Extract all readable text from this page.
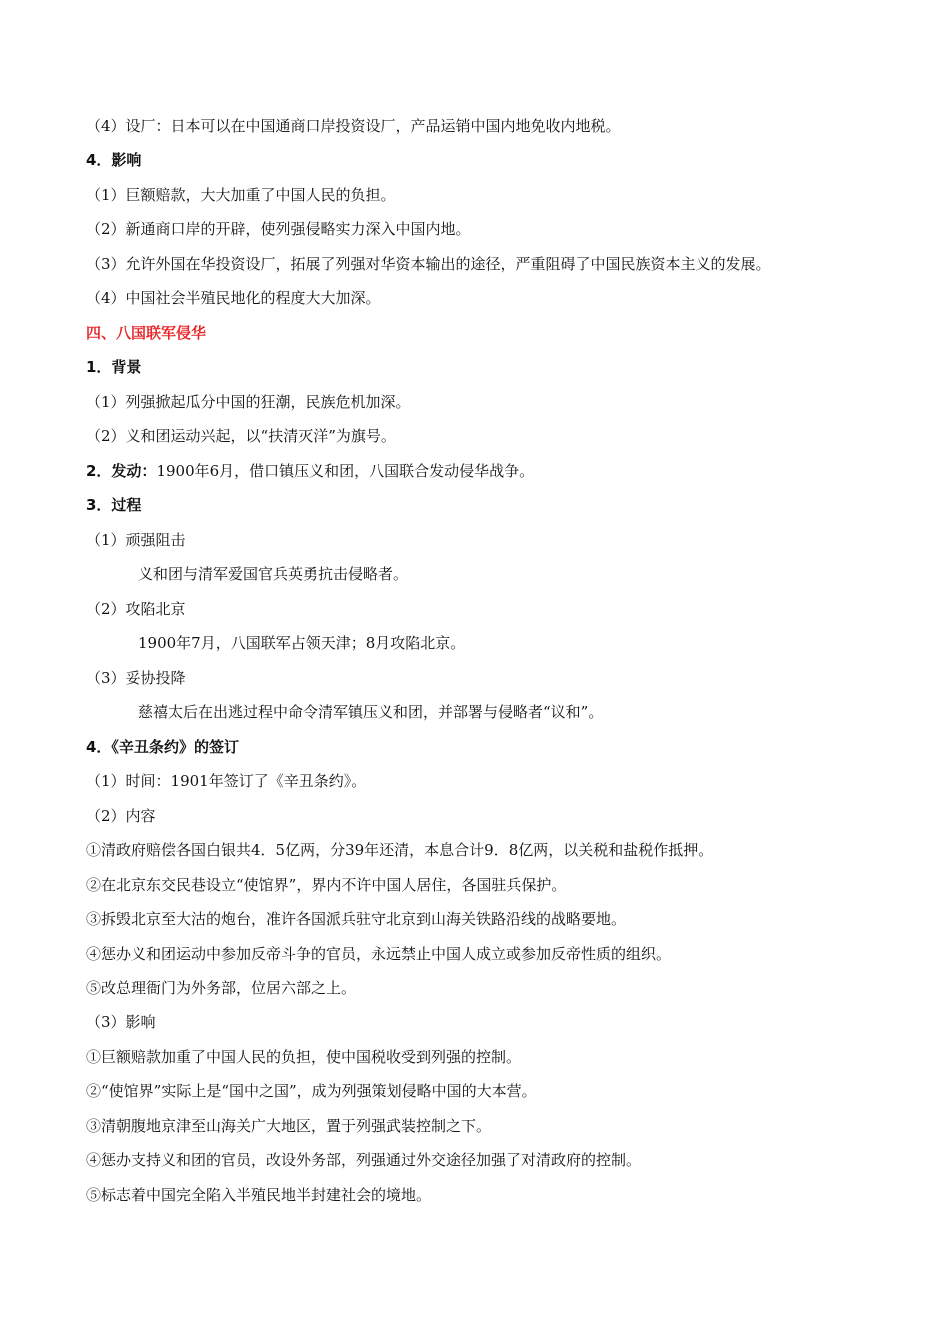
（4）设厂：日本可以在中国通商口岸投资设厂，产品运销中国内地免收内地税。
4．影响
（1）巨额赔款，大大加重了中国人民的负担。
（2）新通商口岸的开辟，使列强侵略实力深入中国内地。
（3）允许外国在华投资设厂，拓展了列强对华资本输出的途径，严重阻碍了中国民族资本主义的发展。
（4）中国社会半殖民地化的程度大大加深。
四、八国联军侵华
1．背景
（1）列强掀起瓜分中国的狂潮，民族危机加深。
（2）义和团运动兴起，以“扶清灭洋”为旗号。
2．发动：1900年6月，借口镇压义和团，八国联合发动侵华战争。
3．过程
（1）顽强阻击
义和团与清军爱国官兵英勇抗击侵略者。
（2）攻陷北京
1900年7月，八国联军占领天津；8月攻陷北京。
（3）妥协投降
慈禧太后在出逃过程中命令清军镇压义和团，并部署与侵略者“议和”。
4．《辛丑条约》的签订
（1）时间：1901年签订了《辛丑条约》。
（2）内容
①清政府赔偿各国白银共4．5亿两，分39年还清，本息合计9．8亿两，以关税和盐税作抵押。
②在北京东交民巷设立“使馆界”，界内不许中国人居住，各国驻兵保护。
③拆毁北京至大沽的炮台，准许各国派兵驻守北京到山海关铁路沿线的战略要地。
④惩办义和团运动中参加反帝斗争的官员，永远禁止中国人成立或参加反帝性质的组织。
⑤改总理衙门为外务部，位居六部之上。
（3）影响
①巨额赔款加重了中国人民的负担，使中国税收受到列强的控制。
②“使馆界”实际上是“国中之国”，成为列强策划侵略中国的大本营。
③清朝腹地京津至山海关广大地区，置于列强武装控制之下。
④惩办支持义和团的官员，改设外务部，列强通过外交途径加强了对清政府的控制。
⑤标志着中国完全陷入半殖民地半封建社会的境地。
